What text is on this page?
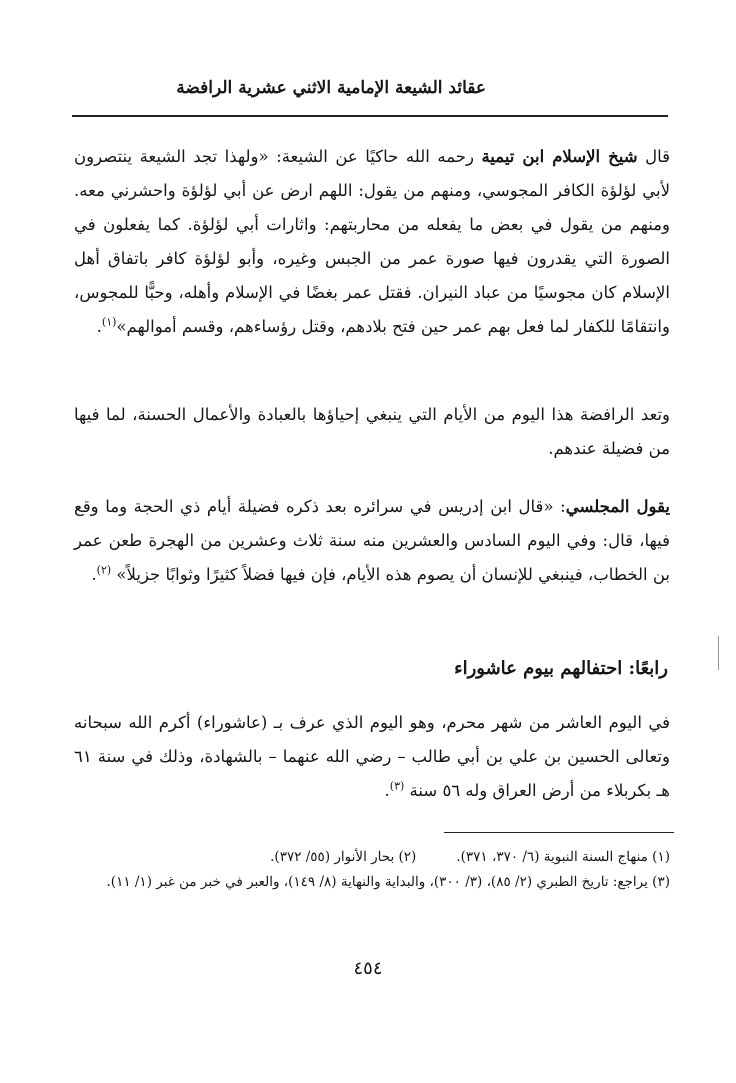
عقائد الشيعة الإمامية الاثني عشرية الرافضة
قال شيخ الإسلام ابن تيمية رحمه الله حاكيًا عن الشيعة: «ولهذا تجد الشيعة ينتصرون لأبي لؤلؤة الكافر المجوسي، ومنهم من يقول: اللهم ارض عن أبي لؤلؤة واحشرني معه. ومنهم من يقول في بعض ما يفعله من محاربتهم: واثارات أبي لؤلؤة. كما يفعلون في الصورة التي يقدرون فيها صورة عمر من الجبس وغيره، وأبو لؤلؤة كافر باتفاق أهل الإسلام كان مجوسيًا من عباد النيران. فقتل عمر بغضًا في الإسلام وأهله، وحبًّا للمجوس، وانتقامًا للكفار لما فعل بهم عمر حين فتح بلادهم، وقتل رؤساءهم، وقسم أموالهم»$^{(١)}$.
وتعد الرافضة هذا اليوم من الأيام التي ينبغي إحياؤها بالعبادة والأعمال الحسنة، لما فيها من فضيلة عندهم.
يقول المجلسي: «قال ابن إدريس في سرائره بعد ذكره فضيلة أيام ذي الحجة وما وقع فيها، قال: وفي اليوم السادس والعشرين منه سنة ثلاث وعشرين من الهجرة طعن عمر بن الخطاب، فينبغي للإنسان أن يصوم هذه الأيام، فإن فيها فضلاً كثيرًا وثوابًا جزيلاً» $^{(٢)}$.
رابعًا: احتفالهم بيوم عاشوراء
في اليوم العاشر من شهر محرم، وهو اليوم الذي عرف بـ (عاشوراء) أكرم الله سبحانه وتعالى الحسين بن علي بن أبي طالب – رضي الله عنهما – بالشهادة، وذلك في سنة ٦١ هـ بكربلاء من أرض العراق وله ٥٦ سنة $^{(٣)}$.
(١) منهاج السنة النبوية (٦/ ٣٧٠، ٣٧١).
(٢) بحار الأنوار (٥٥/ ٣٧٢).
(٣) يراجع: تاريخ الطبري (٢/ ٨٥)، (٣/ ٣٠٠)، والبداية والنهاية (٨/ ١٤٩)، والعبر في خبر من غبر (١/ ١١).
٤٥٤
